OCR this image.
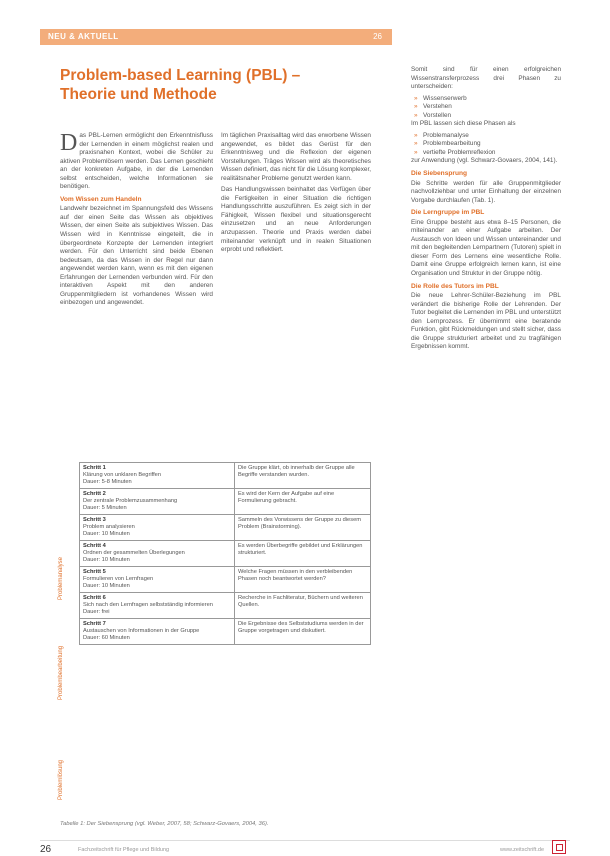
NEU & AKTUELL	26
Problem-based Learning (PBL) – Theorie und Methode

Das PBL-Lernen ermöglicht den Erkenntnisfluss der Lernenden in einem möglichst realen und praxisnahen Kontext, wobei die Schüler zu aktiven Problemlösern werden. Das Lernen geschieht an der konkreten Aufgabe, in der die Lernenden selbst entscheiden, welche Informationen sie benötigen.

Vom Wissen zum Handeln

Landwehr bezeichnet im Spannungsfeld des Wissens auf der einen Seite das Wissen als objektives Wissen, der einen Seite als subjektives Wissen. Das Wissen wird in Kenntnisse eingeteilt, die in übergeordnete Konzepte der Lernenden integriert werden. Für den Unterricht sind beide Ebenen bedeutsam, da das Wissen in der Regel nur dann angewendet werden kann, wenn es mit den eigenen Erfahrungen der Lernenden verbunden wird. Für den interaktiven Aspekt mit den anderen Gruppenmitgliedern ist vorhandenes Wissen wird einbezogen und angewendet.

Im täglichen Praxisalltag wird das erworbene Wissen angewendet, es bildet das Gerüst für den Erkenntnisweg und die Reflexion der eigenen Vorstellungen. Träges Wissen wird als theoretisches Wissen definiert, das nicht für die Lösung komplexer, realitätsnaher Probleme genutzt werden kann.

Das Handlungswissen beinhaltet das Verfügen über die Fertigkeiten in einer Situation die richtigen Handlungsschritte auszuführen. Es zeigt sich in der Fähigkeit, Wissen flexibel und situationsgerecht einzusetzen und an neue Anforderungen anzupassen. Theorie und Praxis werden dabei miteinander verknüpft und in realen Situationen erprobt und reflektiert.

Somit sind für einen erfolgreichen Wissenstransferprozess drei Phasen zu unterscheiden:

» Wissenserwerb
» Verstehen
» Vorstellen

Im PBL lassen sich diese Phasen als

» Problemanalyse
» Problembearbeitung
» vertiefte Problemreflexion

zur Anwendung (vgl. Schwarz-Govaers, 2004, 141).

Die Siebensprung

Die Schritte werden für alle Gruppenmitglieder nachvollziehbar und unter Einhaltung der einzelnen Vorgabe durchlaufen (Tab. 1).

Die Lerngruppe im PBL

Eine Gruppe besteht aus etwa 8–15 Personen, die miteinander an einer Aufgabe arbeiten. Der Austausch von Ideen und Wissen untereinander und mit den begleitenden Lernpartnern (Tutoren) spielt in dieser Form des Lernens eine wesentliche Rolle. Damit eine Gruppe erfolgreich lernen kann, ist eine Organisation und Struktur in der Gruppe nötig.

Die Rolle des Tutors im PBL

Die neue Lehrer-Schüler-Beziehung im PBL verändert die bisherige Rolle der Lehrenden. Der Tutor begleitet die Lernenden im PBL und unterstützt den Lernprozess. Er übernimmt eine beratende Funktion, gibt Rückmeldungen und stellt sicher, dass die Gruppe strukturiert arbeitet und zu tragfähigen Ergebnissen kommt.

Problemanalyse
Problembearbeitung
Problemlösung
Schritt 1
Klärung von unklaren Begriffen
Dauer: 5-8 Minuten	Die Gruppe klärt, ob innerhalb der Gruppe alle Begriffe verstanden wurden.

Schritt 2
Der zentrale Problemzusammenhang
Dauer: 5 Minuten	Es wird der Kern der Aufgabe auf eine Formulierung gebracht.

Schritt 3
Problem analysieren
Dauer: 10 Minuten	Sammeln des Vorwissens der Gruppe zu diesem Problem (Brainstorming).

Schritt 4
Ordnen der gesammelten Überlegungen
Dauer: 10 Minuten	Es werden Überbegriffe gebildet und Erklärungen strukturiert.

Schritt 5
Formulieren von Lernfragen
Dauer: 10 Minuten	Welche Fragen müssen in den verbleibenden Phasen noch beantwortet werden?

Schritt 6
Sich nach den Lernfragen selbstständig informieren
Dauer: frei	Recherche in Fachliteratur, Büchern und weiteren Quellen.

Schritt 7
Austauschen von Informationen in der Gruppe
Dauer: 60 Minuten	Die Ergebnisse des Selbststudiums werden in der Gruppe vorgetragen und diskutiert.
Tabelle 1: Der Siebensprung (vgl. Weber, 2007, 58; Schwarz-Govaers, 2004, 36).
26	Fachzeitschrift für Pflege und Bildung	www.zeitschrift.de
